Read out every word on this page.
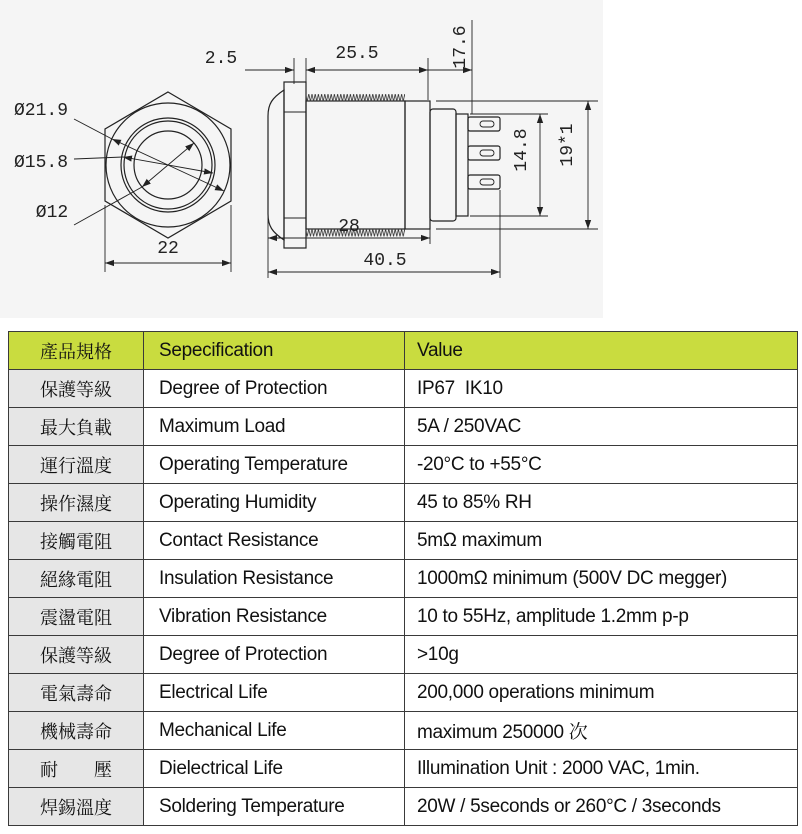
Ø21.9
Ø15.8
Ø12
22
2.5	25.5	17.6
28
40.5
14.8 19*1
產品規格	Sepecification	Value
保護等級	Degree of Protection	IP67  IK10
最大負載	Maximum Load	5A / 250VAC
運行溫度	Operating Temperature	-20°C to +55°C
操作濕度	Operating Humidity	45 to 85% RH
接觸電阻	Contact Resistance	5mΩ maximum
絕緣電阻	Insulation Resistance	1000mΩ minimum (500V DC megger)
震盪電阻	Vibration Resistance	10 to 55Hz, amplitude 1.2mm p-p
保護等級	Degree of Protection	>10g
電氣壽命	Electrical Life	200,000 operations minimum
機械壽命	Mechanical Life	maximum 250000 次
耐　　壓	Dielectrical Life	Illumination Unit : 2000 VAC, 1min.
焊錫溫度	Soldering Temperature	20W / 5seconds or 260°C / 3seconds
